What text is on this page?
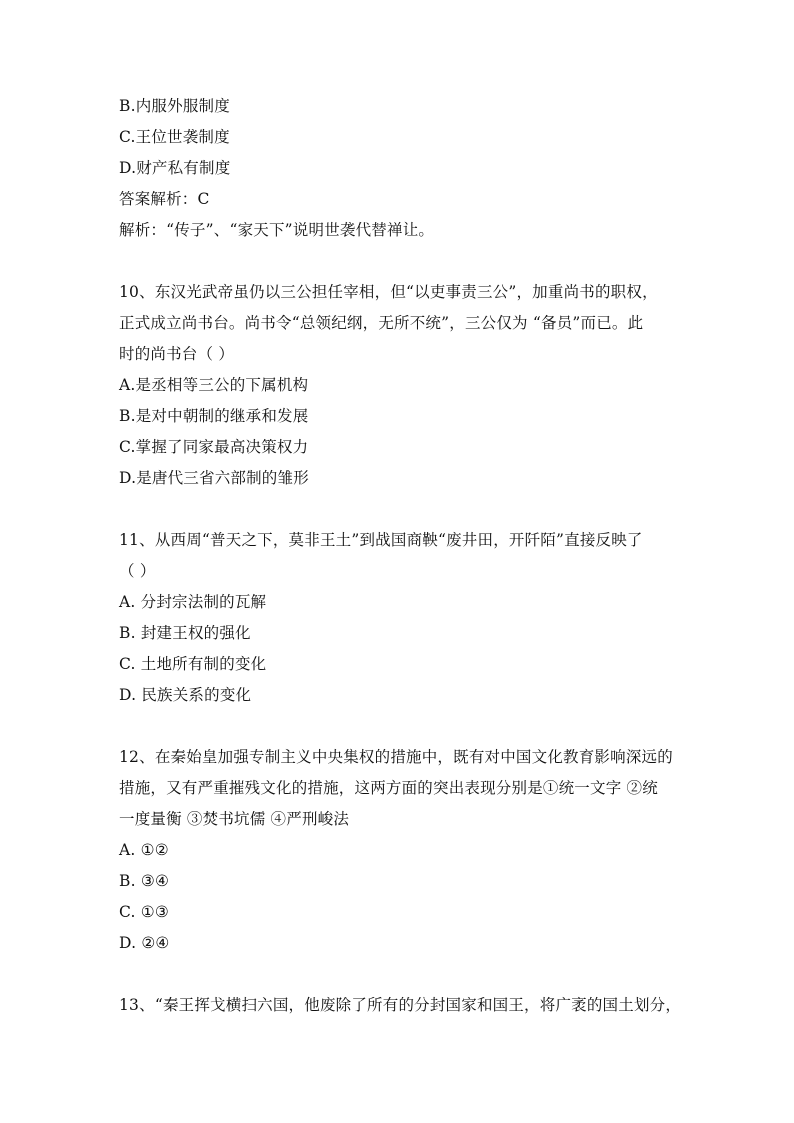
B.内服外服制度
C.王位世袭制度
D.财产私有制度
答案解析：C
解析：“传子”、“家天下”说明世袭代替禅让。
10、东汉光武帝虽仍以三公担任宰相，但“以吏事责三公”，加重尚书的职权，
正式成立尚书台。尚书令“总领纪纲，无所不统”，三公仅为 “备员”而已。此
时的尚书台（ ）
A.是丞相等三公的下属机构
B.是对中朝制的继承和发展
C.掌握了同家最高决策权力
D.是唐代三省六部制的雏形
11、从西周“普天之下，莫非王土”到战国商鞅“废井田，开阡陌”直接反映了
（ ）
A. 分封宗法制的瓦解
B. 封建王权的强化
C. 土地所有制的变化
D. 民族关系的变化
12、在秦始皇加强专制主义中央集权的措施中，既有对中国文化教育影响深远的
措施，又有严重摧残文化的措施，这两方面的突出表现分别是①统一文字 ②统
一度量衡 ③焚书坑儒 ④严刑峻法
A. ①②
B. ③④
C. ①③
D. ②④
13、“秦王挥戈横扫六国，他废除了所有的分封国家和国王，将广袤的国土划分，
